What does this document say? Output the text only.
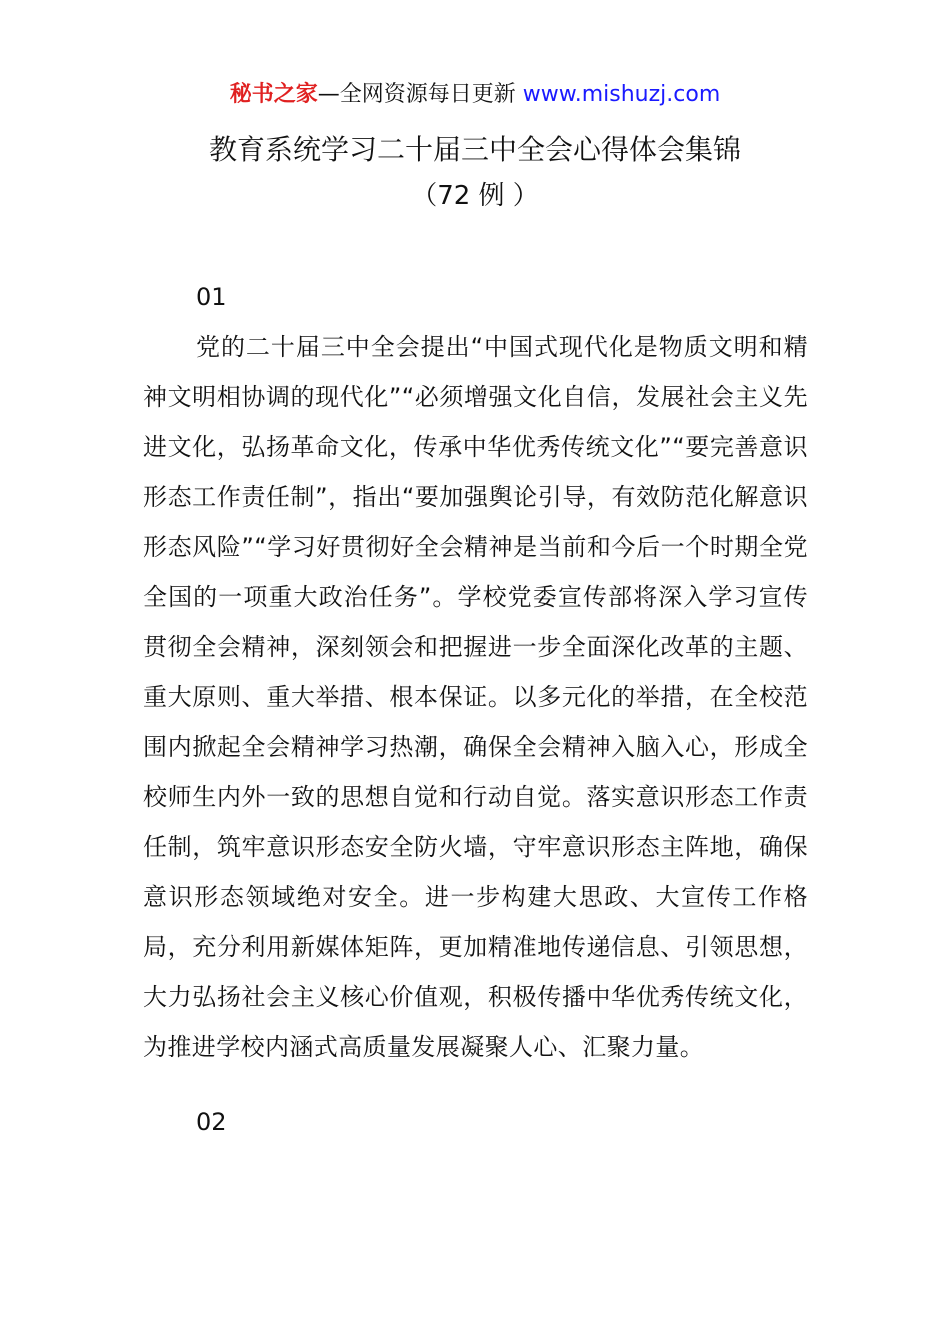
秘书之家—全网资源每日更新 www.mishuzj.com
教育系统学习二十届三中全会心得体会集锦
（72 例 ）
01

党的二十届三中全会提出“中国式现代化是物质文明和精神文明相协调的现代化”“必须增强文化自信，发展社会主义先进文化，弘扬革命文化，传承中华优秀传统文化”“要完善意识形态工作责任制”，指出“要加强舆论引导，有效防范化解意识形态风险”“学习好贯彻好全会精神是当前和今后一个时期全党全国的一项重大政治任务”。学校党委宣传部将深入学习宣传贯彻全会精神，深刻领会和把握进一步全面深化改革的主题、重大原则、重大举措、根本保证。以多元化的举措，在全校范围内掀起全会精神学习热潮，确保全会精神入脑入心，形成全校师生内外一致的思想自觉和行动自觉。落实意识形态工作责任制，筑牢意识形态安全防火墙，守牢意识形态主阵地，确保意识形态领域绝对安全。进一步构建大思政、大宣传工作格局，充分利用新媒体矩阵，更加精准地传递信息、引领思想，大力弘扬社会主义核心价值观，积极传播中华优秀传统文化，为推进学校内涵式高质量发展凝聚人心、汇聚力量。

02
